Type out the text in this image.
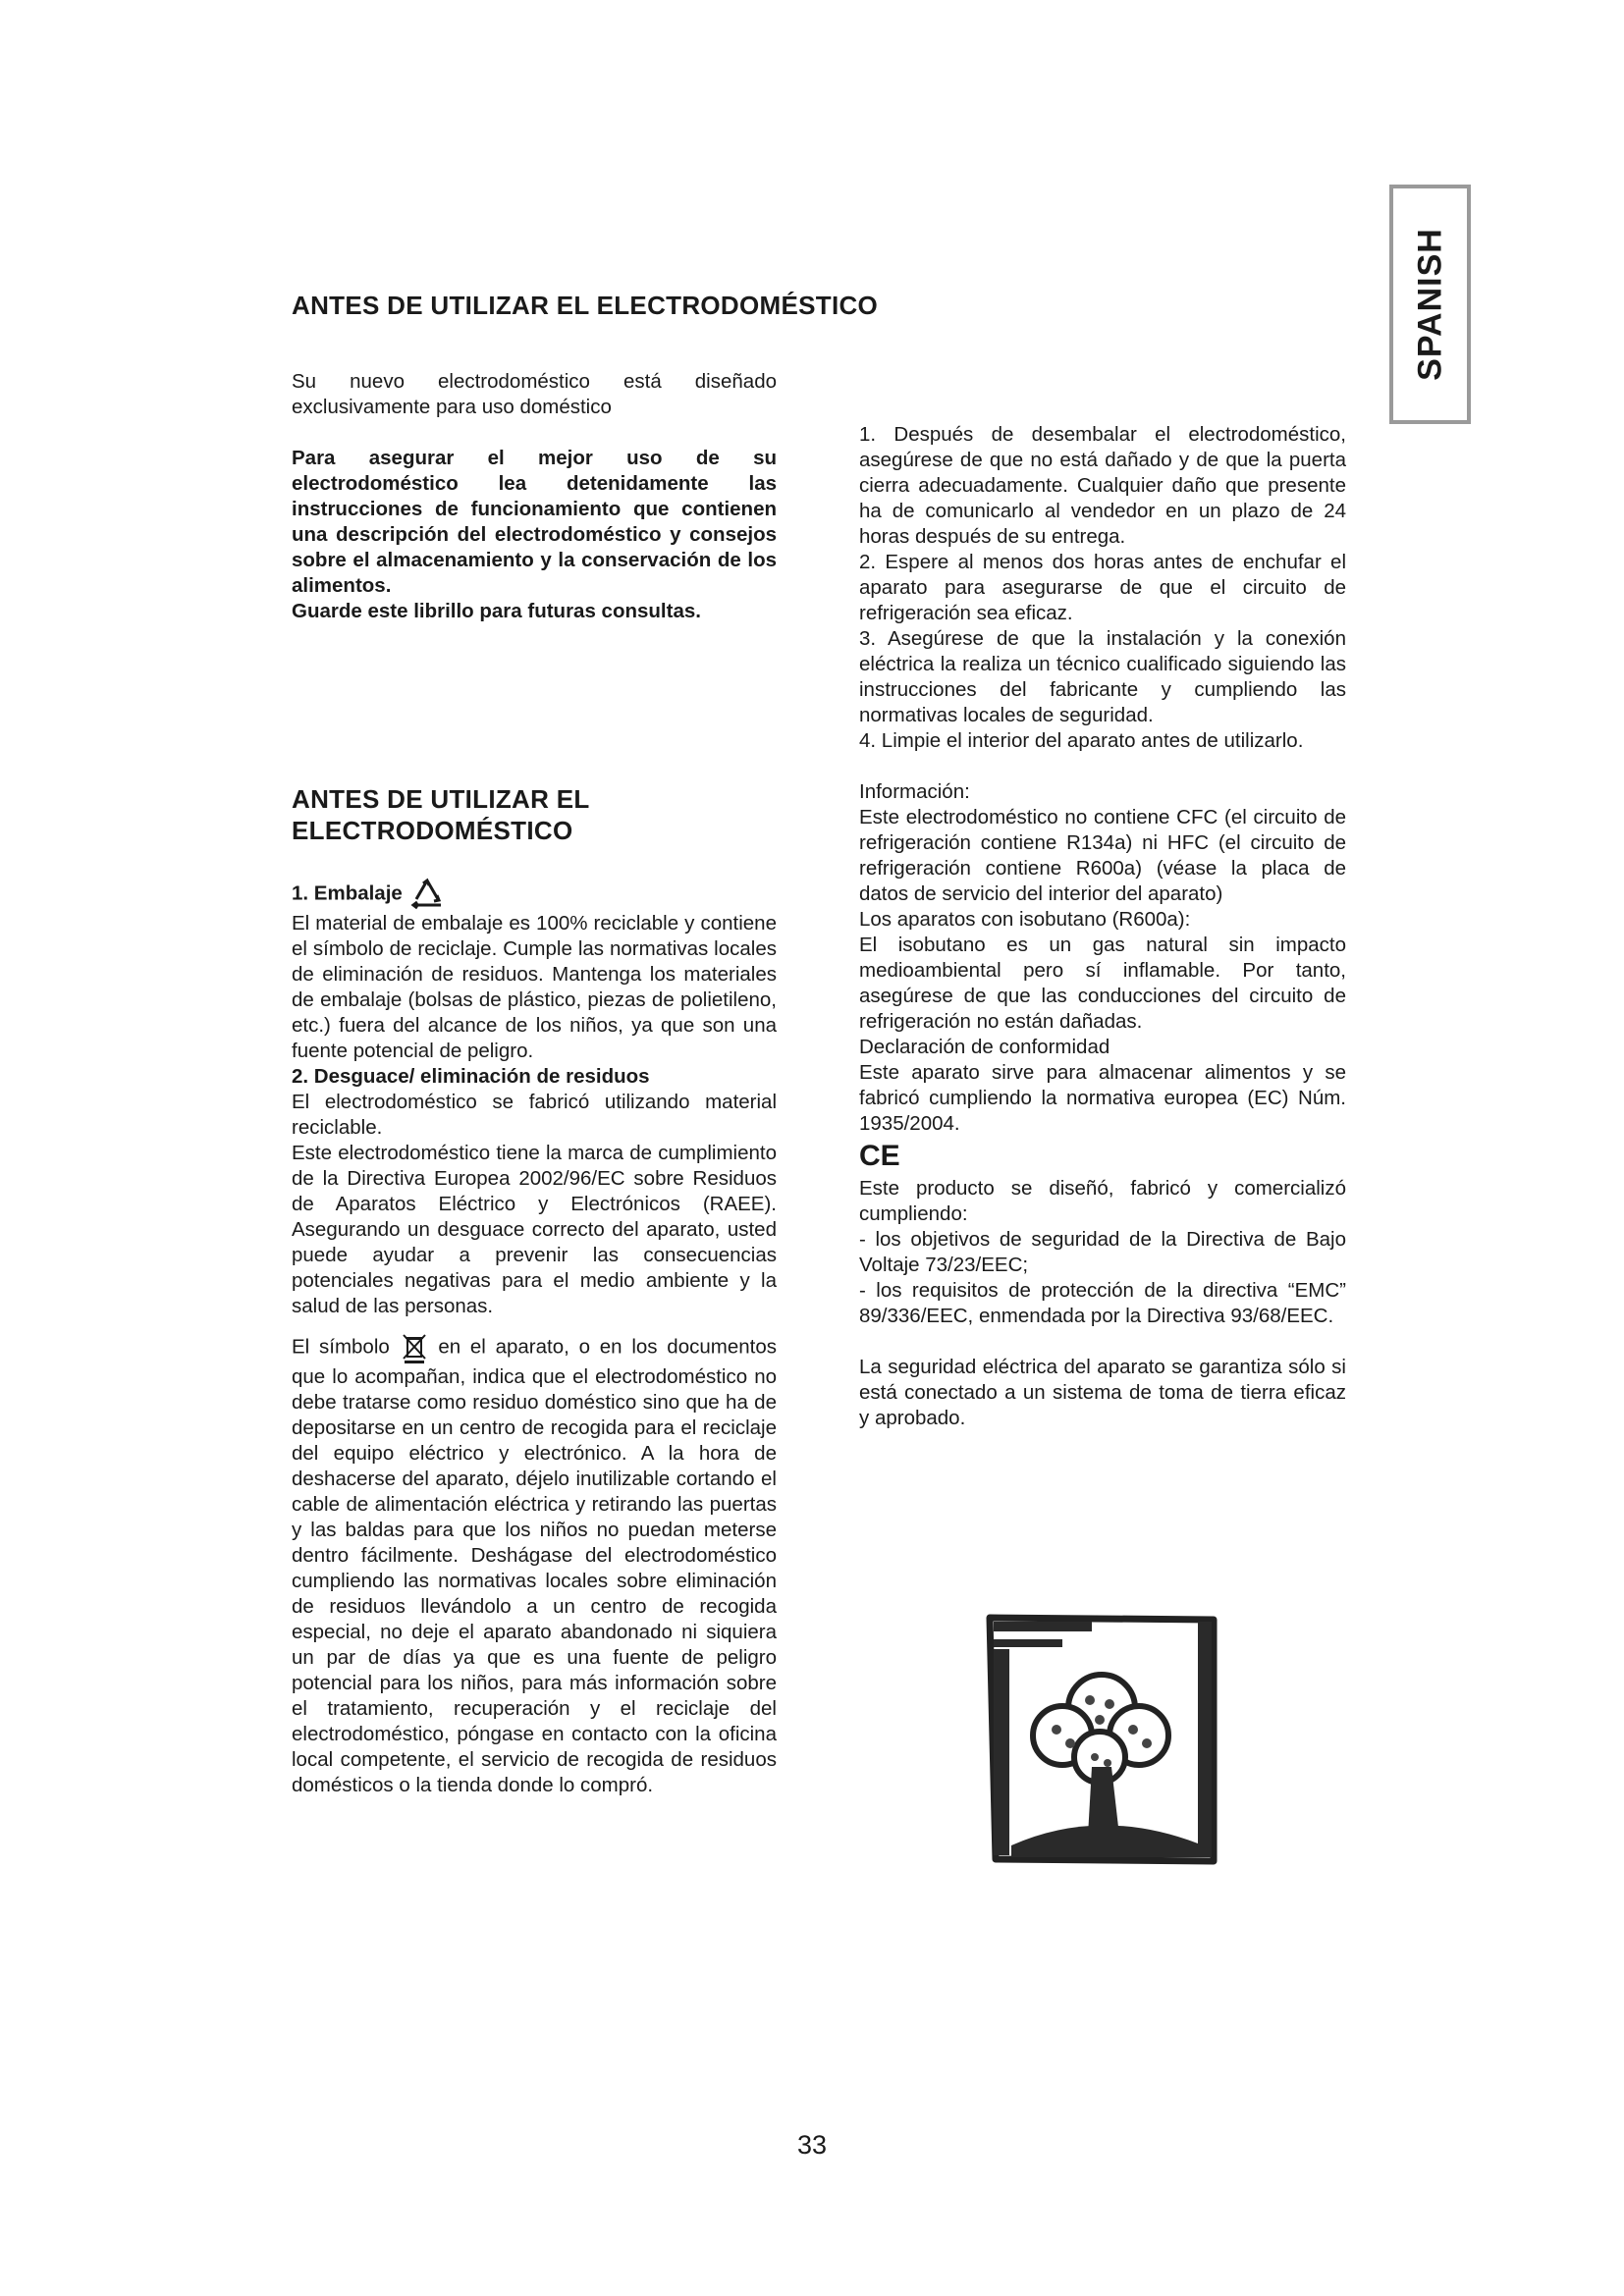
SPANISH
ANTES DE UTILIZAR EL ELECTRODOMÉSTICO

Su nuevo electrodoméstico está diseñado exclusivamente para uso doméstico

Para asegurar el mejor uso de su electrodoméstico lea detenidamente las instrucciones de funcionamiento que contienen una descripción del electrodoméstico y consejos sobre el almacenamiento y la conservación de los alimentos.

Guarde este librillo para futuras consultas.

ANTES DE UTILIZAR EL
ELECTRODOMÉSTICO

1. Embalaje

El material de embalaje es 100% reciclable y contiene el símbolo de reciclaje. Cumple las normativas locales de eliminación de residuos. Mantenga los materiales de embalaje (bolsas de plástico, piezas de polietileno, etc.) fuera del alcance de los niños, ya que son una fuente potencial de peligro.

2. Desguace/ eliminación de residuos

El electrodoméstico se fabricó utilizando material reciclable.

Este electrodoméstico tiene la marca de cumplimiento de la Directiva Europea 2002/96/EC sobre Residuos de Aparatos Eléctrico y Electrónicos (RAEE). Asegurando un desguace correcto del aparato, usted puede ayudar a prevenir las consecuencias potenciales negativas para el medio ambiente y la salud de las personas.

El símbolo en el aparato, o en los documentos que lo acompañan, indica que el electrodoméstico no debe tratarse como residuo doméstico sino que ha de depositarse en un centro de recogida para el reciclaje del equipo eléctrico y electrónico. A la hora de deshacerse del aparato, déjelo inutilizable cortando el cable de alimentación eléctrica y retirando las puertas y las baldas para que los niños no puedan meterse dentro fácilmente. Deshágase del electrodoméstico cumpliendo las normativas locales sobre eliminación de residuos llevándolo a un centro de recogida especial, no deje el aparato abandonado ni siquiera un par de días ya que es una fuente de peligro potencial para los niños, para más información sobre el tratamiento, recuperación y el reciclaje del electrodoméstico, póngase en contacto con la oficina local competente, el servicio de recogida de residuos domésticos o la tienda donde lo compró.

1. Después de desembalar el electrodoméstico, asegúrese de que no está dañado y de que la puerta cierra adecuadamente. Cualquier daño que presente ha de comunicarlo al vendedor en un plazo de 24 horas después de su entrega.

2. Espere al menos dos horas antes de enchufar el aparato para asegurarse de que el circuito de refrigeración sea eficaz.

3. Asegúrese de que la instalación y la conexión eléctrica la realiza un técnico cualificado siguiendo las instrucciones del fabricante y cumpliendo las normativas locales de seguridad.

4. Limpie el interior del aparato antes de utilizarlo.

Información:

Este electrodoméstico no contiene CFC (el circuito de refrigeración contiene R134a) ni HFC (el circuito de refrigeración contiene R600a) (véase la placa de datos de servicio del interior del aparato)

Los aparatos con isobutano (R600a):

El isobutano es un gas natural sin impacto medioambiental pero sí inflamable. Por tanto, asegúrese de que las conducciones del circuito de refrigeración no están dañadas.

Declaración de conformidad

Este aparato sirve para almacenar alimentos y se fabricó cumpliendo la normativa europea (EC) Núm. 1935/2004.

CE

Este producto se diseñó, fabricó y comercializó cumpliendo:

- los objetivos de seguridad de la Directiva de Bajo Voltaje 73/23/EEC;

- los requisitos de protección de la directiva “EMC” 89/336/EEC, enmendada por la Directiva 93/68/EEC.

La seguridad eléctrica del aparato se garantiza sólo si está conectado a un sistema de toma de tierra eficaz y aprobado.

33
